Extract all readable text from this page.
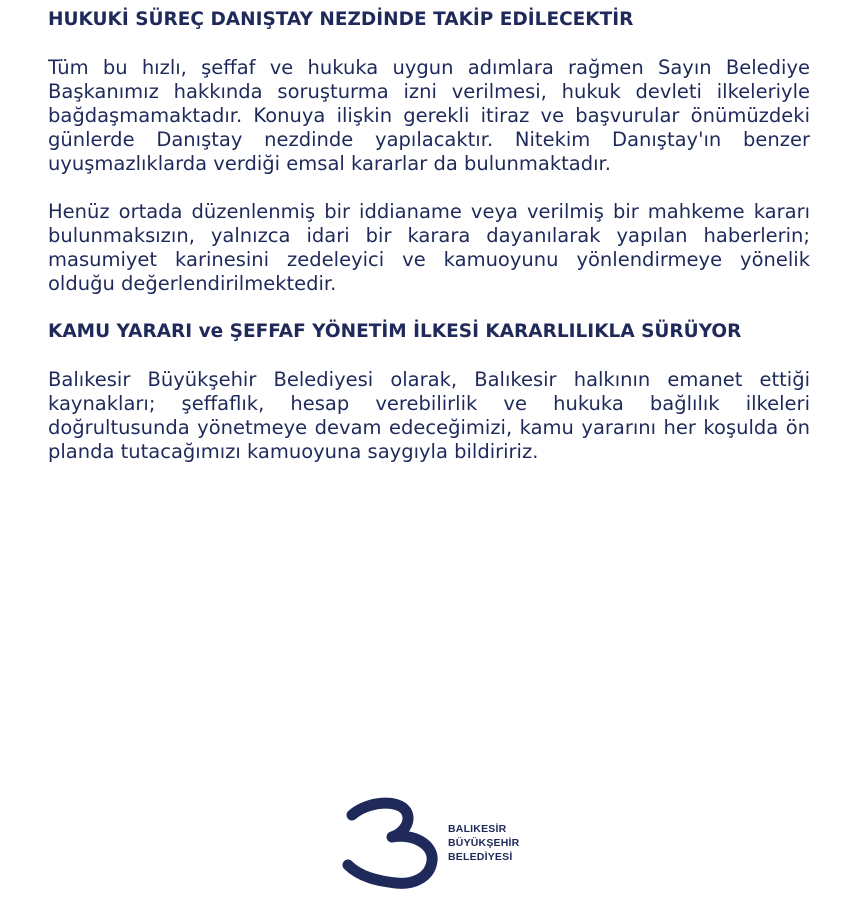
HUKUKİ SÜREÇ DANIŞTAY NEZDİNDE TAKİP EDİLECEKTİR

Tüm bu hızlı, şeffaf ve hukuka uygun adımlara rağmen Sayın Belediye Başkanımız hakkında soruşturma izni verilmesi, hukuk devleti ilkeleriyle bağdaşmamaktadır. Konuya ilişkin gerekli itiraz ve başvurular önümüzdeki günlerde Danıştay nezdinde yapılacaktır. Nitekim Danıştay'ın benzer uyuşmazlıklarda verdiği emsal kararlar da bulunmaktadır.

Henüz ortada düzenlenmiş bir iddianame veya verilmiş bir mahkeme kararı bulunmaksızın, yalnızca idari bir karara dayanılarak yapılan haberlerin; masumiyet karinesini zedeleyici ve kamuoyunu yönlendirmeye yönelik olduğu değerlendirilmektedir.

KAMU YARARI ve ŞEFFAF YÖNETİM İLKESİ KARARLILIKLA SÜRÜYOR

Balıkesir Büyükşehir Belediyesi olarak, Balıkesir halkının emanet ettiği kaynakları; şeffaflık, hesap verebilirlik ve hukuka bağlılık ilkeleri doğrultusunda yönetmeye devam edeceğimizi, kamu yararını her koşulda ön planda tutacağımızı kamuoyuna saygıyla bildiririz.

BALIKESİR
BÜYÜKŞEHİR
BELEDİYESİ
